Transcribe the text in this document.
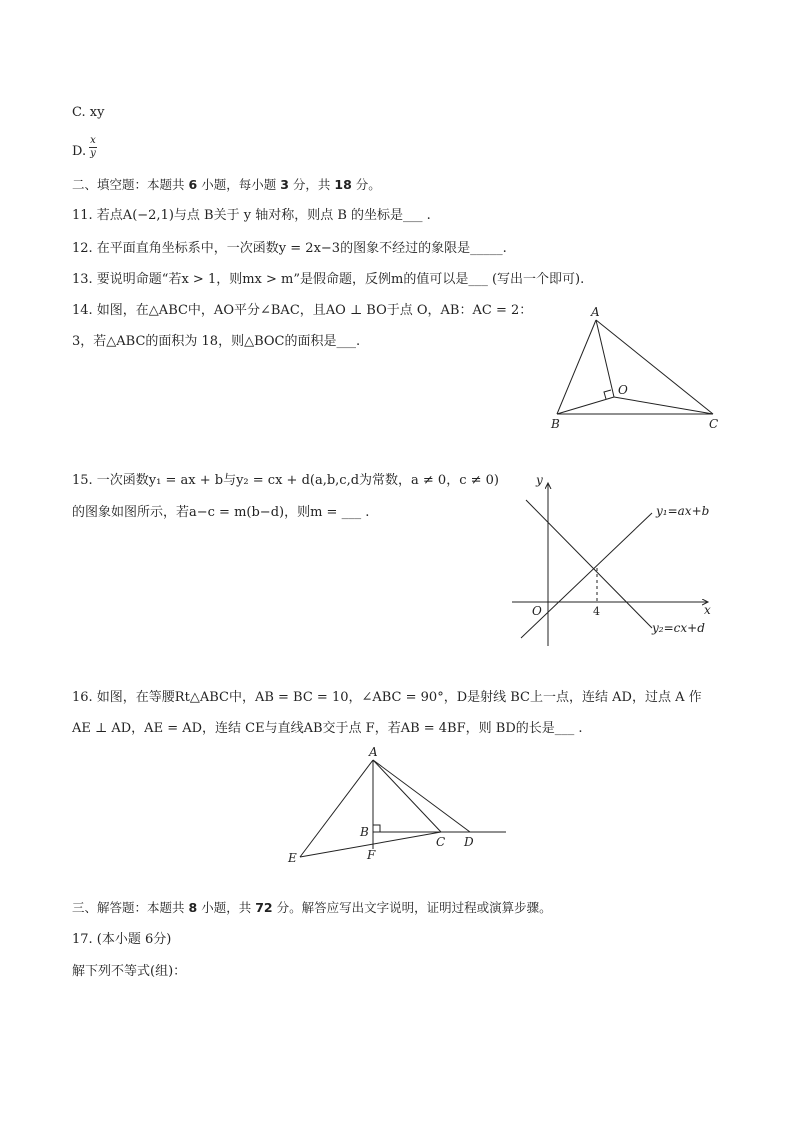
C. xy
D.
x
y
二、填空题：本题共 6 小题，每小题 3 分，共 18 分。
11. 若点A(−2,1)与点 B关于 y 轴对称，则点 B 的坐标是___ .
12. 在平面直角坐标系中，一次函数y = 2x−3的图象不经过的象限是_____.
13. 要说明命题“若x > 1，则mx > m”是假命题，反例m的值可以是___ (写出一个即可).
14. 如图，在△ABC中，AO平分∠BAC，且AO ⊥ BO于点 O，AB：AC = 2：
3，若△ABC的面积为 18，则△BOC的面积是___.
A
B	C
O
15. 一次函数y₁ = ax + b与y₂ = cx + d(a,b,c,d为常数，a ≠ 0，c ≠ 0)
的图象如图所示，若a−c = m(b−d)，则m = ___ .
y
x
O	4
y₁=ax+b
y₂=cx+d
16. 如图，在等腰Rt△ABC中，AB = BC = 10，∠ABC = 90°，D是射线 BC上一点，连结 AD，过点 A 作
AE ⊥ AD，AE = AD，连结 CE与直线AB交于点 F，若AB = 4BF，则 BD的长是___ .
A
B
C D
E	F
三、解答题：本题共 8 小题，共 72 分。解答应写出文字说明，证明过程或演算步骤。
17. (本小题 6分)
解下列不等式(组)：
